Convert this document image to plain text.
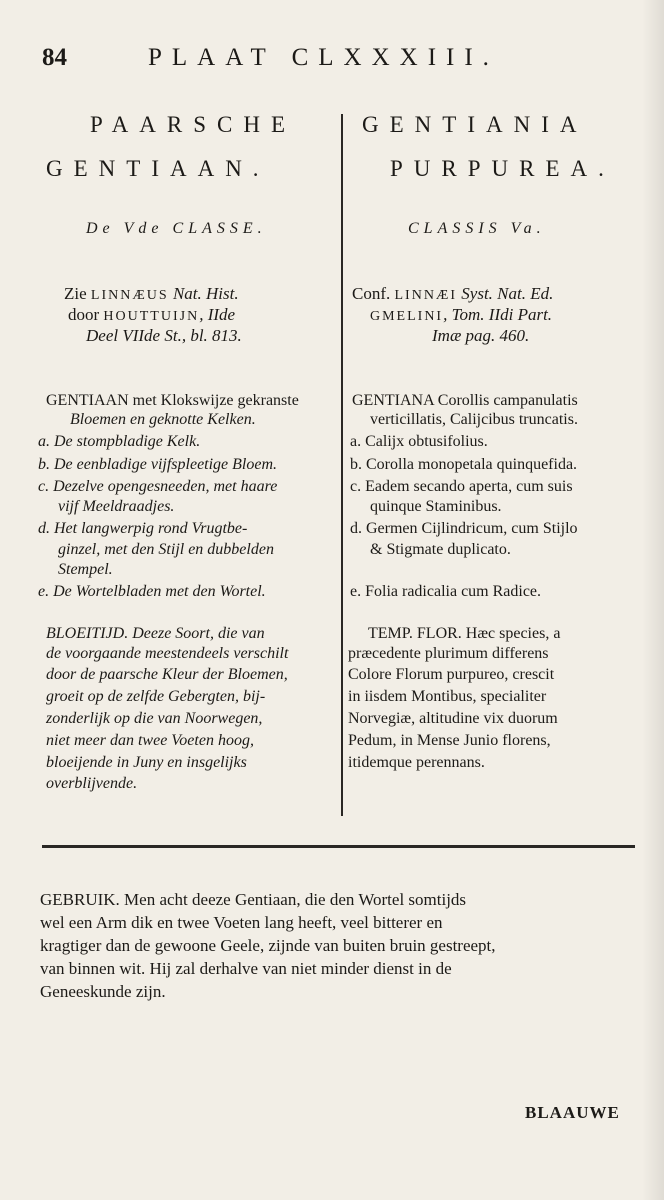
84	PLAAT CLXXXIII.
PAARSCHE
GENTIAAN.
De Vde CLASSE.
Zie LINNÆUS Nat. Hist.
door HOUTTUIJN, IIde
Deel VIIde St., bl. 813.
GENTIAAN met Klokswijze gekranste
Bloemen en geknotte Kelken.
a. De stompbladige Kelk.
b. De eenbladige vijfspleetige Bloem.
c. Dezelve opengesneeden, met haare
vijf Meeldraadjes.
d. Het langwerpig rond Vrugtbe-
ginzel, met den Stijl en dubbelden
Stempel.
e. De Wortelbladen met den Wortel.
BLOEITIJD. Deeze Soort, die van
de voorgaande meestendeels verschilt
door de paarsche Kleur der Bloemen,
groeit op de zelfde Gebergten, bij-
zonderlijk op die van Noorwegen,
niet meer dan twee Voeten hoog,
bloeijende in Juny en insgelijks
overblijvende.
GENTIANIA
PURPUREA.
CLASSIS Va.
Conf. LINNÆI Syst. Nat. Ed.
GMELINI, Tom. IIdi Part.
Imæ pag. 460.
GENTIANA Corollis campanulatis
verticillatis, Calijcibus truncatis.
a. Calijx obtusifolius.
b. Corolla monopetala quinquefida.
c. Eadem secando aperta, cum suis
quinque Staminibus.
d. Germen Cijlindricum, cum Stijlo
& Stigmate duplicato.
e. Folia radicalia cum Radice.
TEMP. FLOR. Hæc species, a
præcedente plurimum differens
Colore Florum purpureo, crescit
in iisdem Montibus, specialiter
Norvegiæ, altitudine vix duorum
Pedum, in Mense Junio florens,
itidemque perennans.
GEBRUIK. Men acht deeze Gentiaan, die den Wortel somtijds
wel een Arm dik en twee Voeten lang heeft, veel bitterer en
kragtiger dan de gewoone Geele, zijnde van buiten bruin gestreept,
van binnen wit. Hij zal derhalve van niet minder dienst in de
Geneeskunde zijn.
BLAAUWE
